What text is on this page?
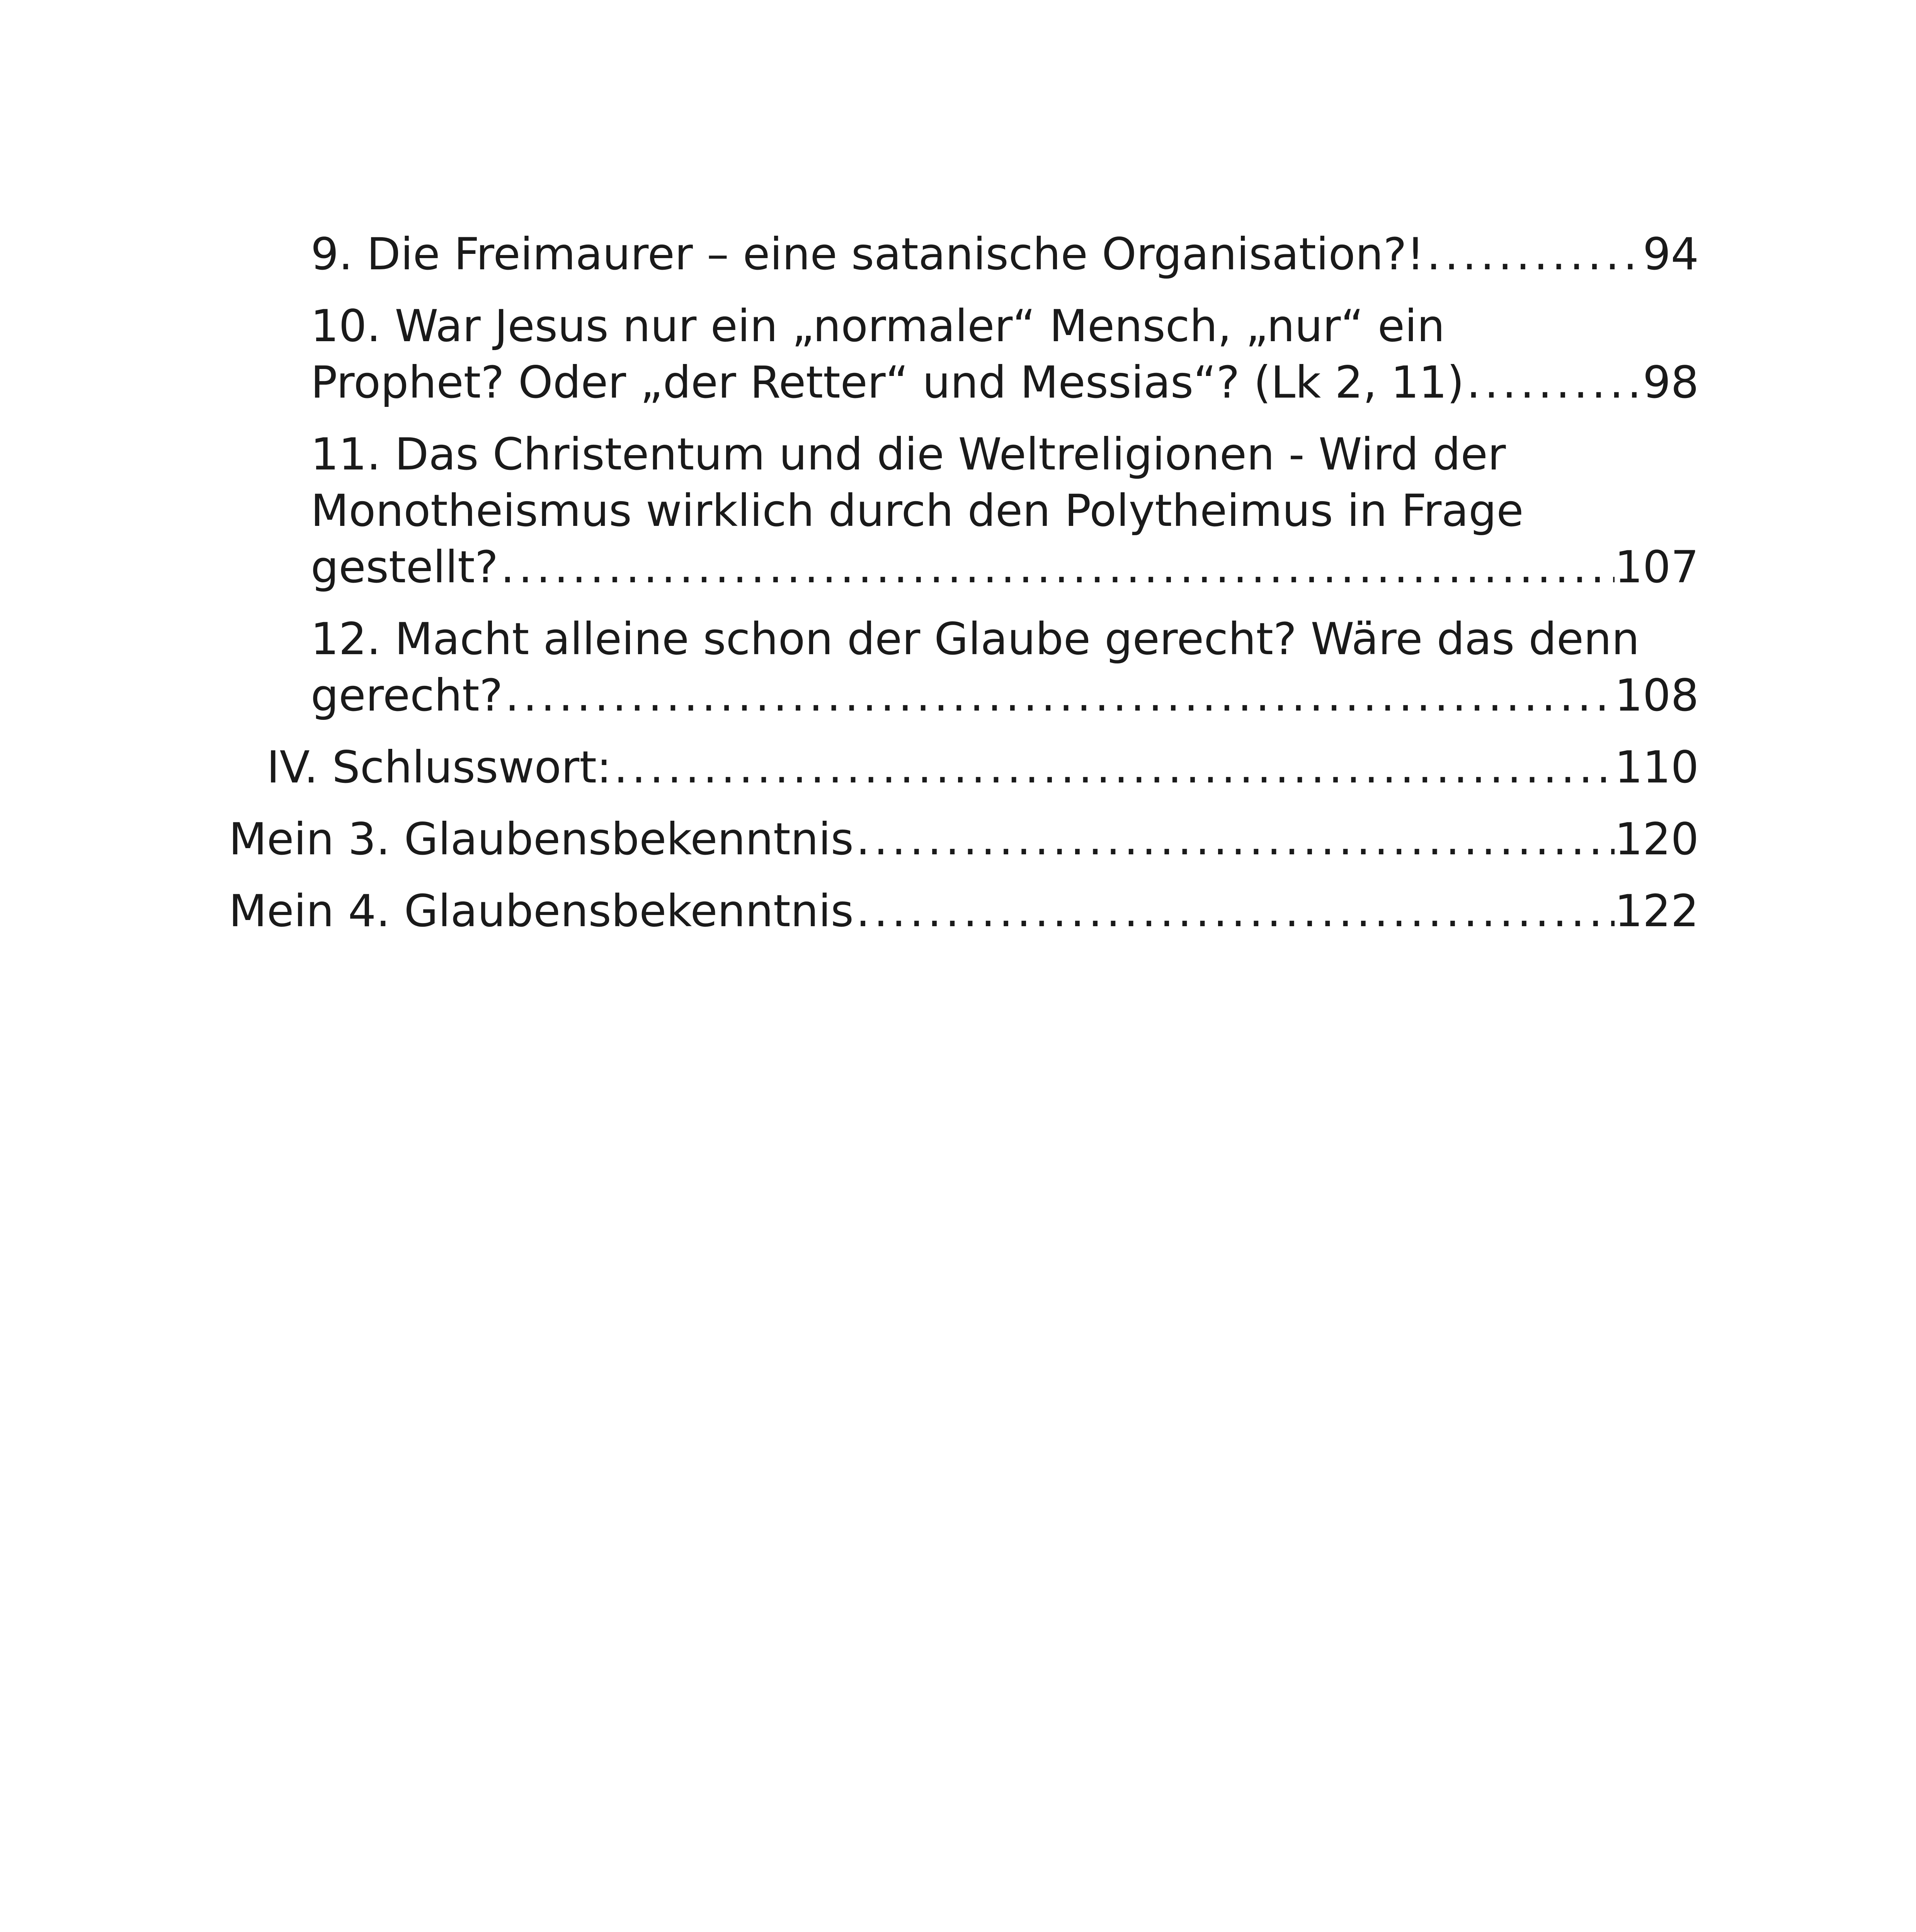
9. Die Freimaurer – eine satanische Organisation?! .....	94
10. War Jesus nur ein „normaler“ Mensch, „nur“ ein
Prophet? Oder „der Retter“ und Messias“? (Lk 2, 11) .....	98
11. Das Christentum und die Weltreligionen - Wird der
Monotheismus wirklich durch den Polytheimus in Frage
gestellt? .....	107
12. Macht alleine schon der Glaube gerecht? Wäre das denn
gerecht? .....	108
IV. Schlusswort: .....	110
Mein 3. Glaubensbekenntnis .....	120
Mein 4. Glaubensbekenntnis .....	122
